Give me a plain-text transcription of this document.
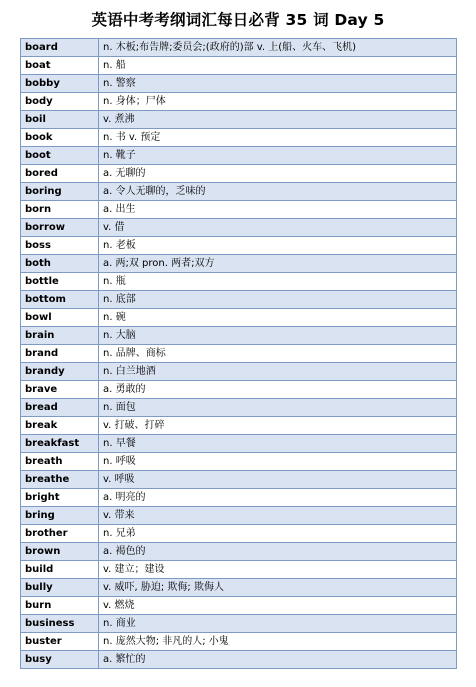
英语中考考纲词汇每日必背 35 词 Day 5
board	n. 木板;布告牌;委员会;(政府的)部 v. 上(船、火车、飞机)
boat	n. 船
bobby	n. 警察
body	n. 身体；尸体
boil	v. 煮沸
book	n. 书 v. 预定
boot	n. 靴子
bored	a. 无聊的
boring	a. 令人无聊的，乏味的
born	a. 出生
borrow	v. 借
boss	n. 老板
both	a. 两;双 pron. 两者;双方
bottle	n. 瓶
bottom	n. 底部
bowl	n. 碗
brain	n. 大脑
brand	n. 品牌、商标
brandy	n. 白兰地酒
brave	a. 勇敢的
bread	n. 面包
break	v. 打破、打碎
breakfast	n. 早餐
breath	n. 呼吸
breathe	v. 呼吸
bright	a. 明亮的
bring	v. 带来
brother	n. 兄弟
brown	a. 褐色的
build	v. 建立；建设
bully	v. 威吓, 胁迫; 欺侮; 欺侮人
burn	v. 燃烧
business	n. 商业
buster	n. 庞然大物; 非凡的人; 小鬼
busy	a. 繁忙的
